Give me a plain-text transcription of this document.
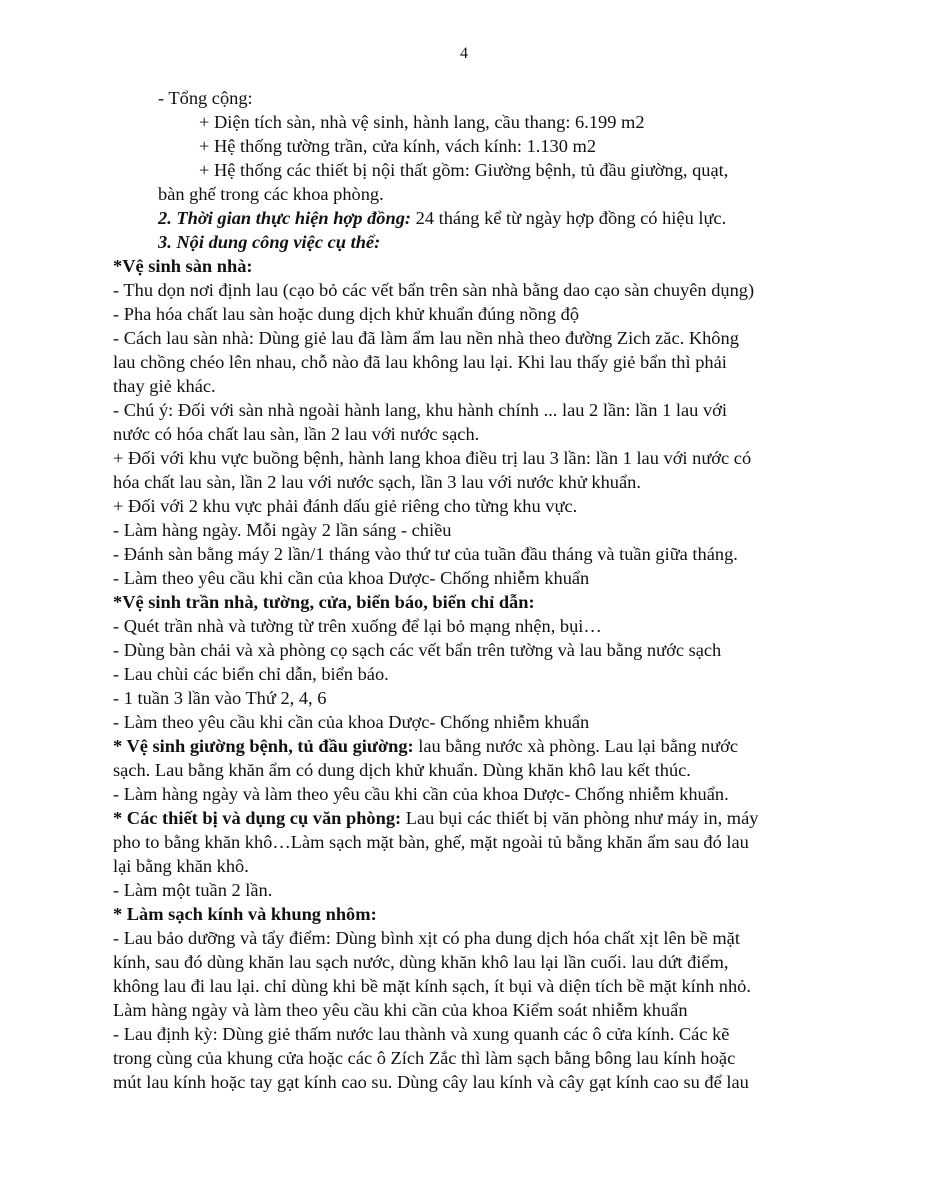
4
- Tổng cộng:
+ Diện tích sàn, nhà vệ sinh, hành lang, cầu thang: 6.199 m2
+ Hệ thống tường trần, cửa kính, vách kính: 1.130 m2
+ Hệ thống các thiết bị nội thất gồm: Giường bệnh, tủ đầu giường, quạt,
bàn ghế trong các khoa phòng.
2. Thời gian thực hiện hợp đồng: 24 tháng kể từ ngày hợp đồng có hiệu lực.
3. Nội dung công việc cụ thể:
*Vệ sinh sàn nhà:
- Thu dọn nơi định lau (cạo bỏ các vết bẩn trên sàn nhà bằng dao cạo sàn chuyên dụng)
- Pha hóa chất lau sàn hoặc dung dịch khử khuẩn đúng nồng độ
- Cách lau sàn nhà: Dùng giẻ lau đã làm ẩm lau nền nhà theo đường Zich zăc. Không
lau chồng chéo lên nhau, chỗ nào đã lau không lau lại. Khi lau thấy giẻ bẩn thì phải
thay giẻ khác.
- Chú ý: Đối với sàn nhà ngoài hành lang, khu hành chính ... lau 2 lần: lần 1 lau với
nước có hóa chất lau sàn, lần 2 lau với nước sạch.
+ Đối với khu vực buồng bệnh, hành lang khoa điều trị lau 3 lần: lần 1 lau với nước có
hóa chất lau sàn, lần 2 lau với nước sạch, lần 3 lau với nước khử khuẩn.
+ Đối với 2 khu vực phải đánh dấu giẻ riêng cho từng khu vực.
- Làm hàng ngày. Mỗi ngày 2 lần sáng - chiều
- Đánh sàn bằng máy 2 lần/1 tháng vào thứ tư của tuần đầu tháng và tuần giữa tháng.
- Làm theo yêu cầu khi cần của khoa Dược- Chống nhiễm khuẩn
*Vệ sinh trần nhà, tường, cửa, biển báo, biển chỉ dẫn:
- Quét trần nhà và tường từ trên xuống để lại bỏ mạng nhện, bụi…
- Dùng bàn chải và xà phòng cọ sạch các vết bẩn trên tường và lau bằng nước sạch
- Lau chùi các biển chỉ dẫn, biển báo.
- 1 tuần 3 lần vào Thứ 2, 4, 6
- Làm theo yêu cầu khi cần của khoa Dược- Chống nhiễm khuẩn
* Vệ sinh giường bệnh, tủ đầu giường: lau bằng nước xà phòng. Lau lại bằng nước
sạch. Lau bằng khăn ẩm có dung dịch khử khuẩn. Dùng khăn khô lau kết thúc.
- Làm hàng ngày và làm theo yêu cầu khi cần của khoa Dược- Chống nhiễm khuẩn.
* Các thiết bị và dụng cụ văn phòng: Lau bụi các thiết bị văn phòng như máy in, máy
pho to bằng khăn khô…Làm sạch mặt bàn, ghế, mặt ngoài tủ bằng khăn ẩm sau đó lau
lại bằng khăn khô.
- Làm một tuần 2 lần.
* Làm sạch kính và khung nhôm:
- Lau bảo dưỡng và tẩy điểm: Dùng bình xịt có pha dung dịch hóa chất xịt lên bề mặt
kính, sau đó dùng khăn lau sạch nước, dùng khăn khô lau lại lần cuối. lau dứt điểm,
không lau đi lau lại. chỉ dùng khi bề mặt kính sạch, ít bụi và diện tích bề mặt kính nhỏ.
Làm hàng ngày và làm theo yêu cầu khi cần của khoa Kiểm soát nhiễm khuẩn
- Lau định kỳ: Dùng giẻ thấm nước lau thành và xung quanh các ô cửa kính. Các kẽ
trong cùng của khung cửa hoặc các ô Zích Zắc thì làm sạch bằng bông lau kính hoặc
mút lau kính hoặc tay gạt kính cao su. Dùng cây lau kính và cây gạt kính cao su để lau
